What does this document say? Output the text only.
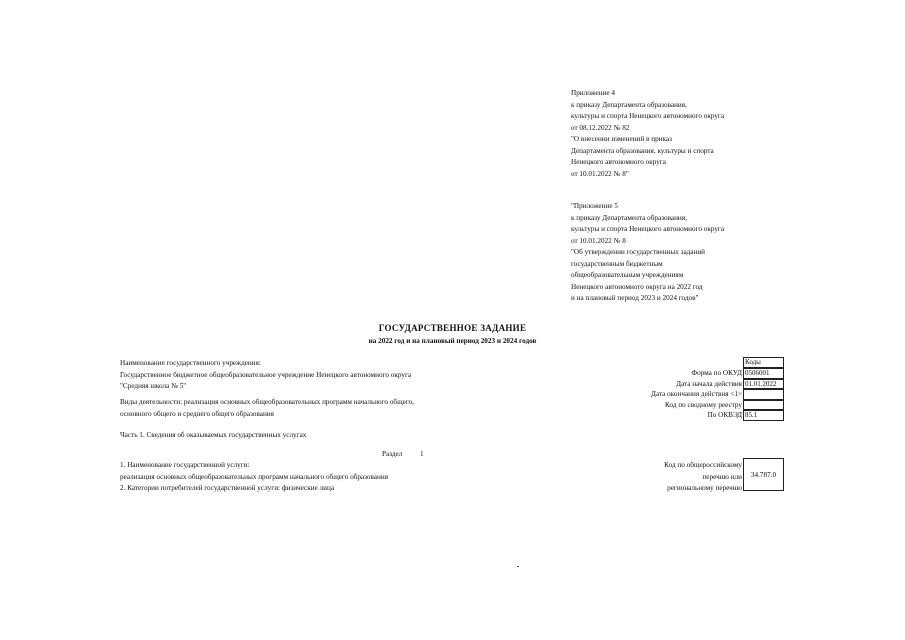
Приложение 4
к приказу Департамента образования,
культуры и спорта Ненецкого автономного округа
от 08.12.2022 № 82
"О внесении изменений в приказ
Департамента образования, культуры и спорта
Ненецкого автономного округа
от 10.01.2022 № 8"
"Приложение 5
к приказу Департамента образования,
культуры и спорта Ненецкого автономного округа
от 10.01.2022 № 8
"Об утверждении государственных заданий
государственным бюджетным
общеобразовательным учреждениям
Ненецкого автономного округа на 2022 год
и на плановый период 2023 и 2024 годов"
ГОСУДАРСТВЕННОЕ ЗАДАНИЕ
на 2022 год и на плановый период 2023 и 2024 годов
Наименование государственного учреждения:
Государственное бюджетное общеобразовательное учреждение Ненецкого автономного округа
"Средняя школа № 5"
Виды деятельности: реализация основных общеобразовательных программ начального общего,
основного общего и среднего общего образования
Коды
Форма по ОКУД 0506001
Дата начала действия 01.01.2022
Дата окончания действия <1>
Код по сводному реестру
По ОКВЭД 85.1
Часть 1. Сведения об оказываемых государственных услугах
Раздел 1
1. Наименование государственной услуги:
реализация основных общеобразовательных программ начального общего образования
2. Категории потребителей государственной услуги: физические лица
Код по общероссийскому
перечню или
региональному перечню
34.787.0
